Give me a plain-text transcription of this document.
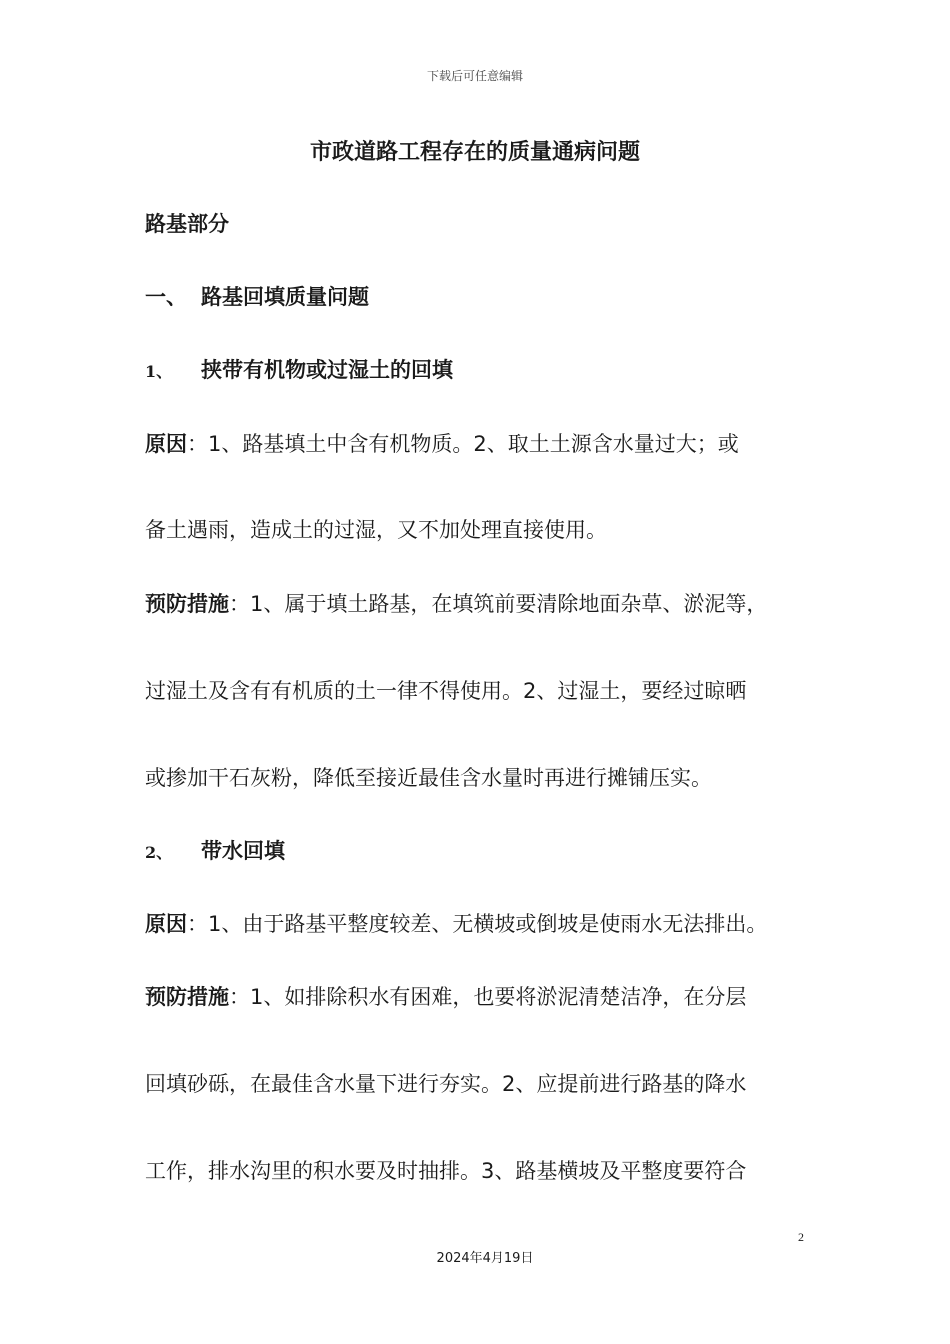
下载后可任意编辑

市政道路工程存在的质量通病问题

路基部分

一、 路基回填质量问题
1、 挟带有机物或过湿土的回填

原因：1、路基填土中含有机物质。2、取土土源含水量过大；或

备土遇雨，造成土的过湿，又不加处理直接使用。

预防措施：1、属于填土路基，在填筑前要清除地面杂草、淤泥等，

过湿土及含有有机质的土一律不得使用。2、过湿土，要经过晾晒

或掺加干石灰粉，降低至接近最佳含水量时再进行摊铺压实。

2、 带水回填

原因：1、由于路基平整度较差、无横坡或倒坡是使雨水无法排出。

预防措施：1、如排除积水有困难，也要将淤泥清楚洁净，在分层

回填砂砾，在最佳含水量下进行夯实。2、应提前进行路基的降水

工作，排水沟里的积水要及时抽排。3、路基横坡及平整度要符合

2

2024年4月19日
